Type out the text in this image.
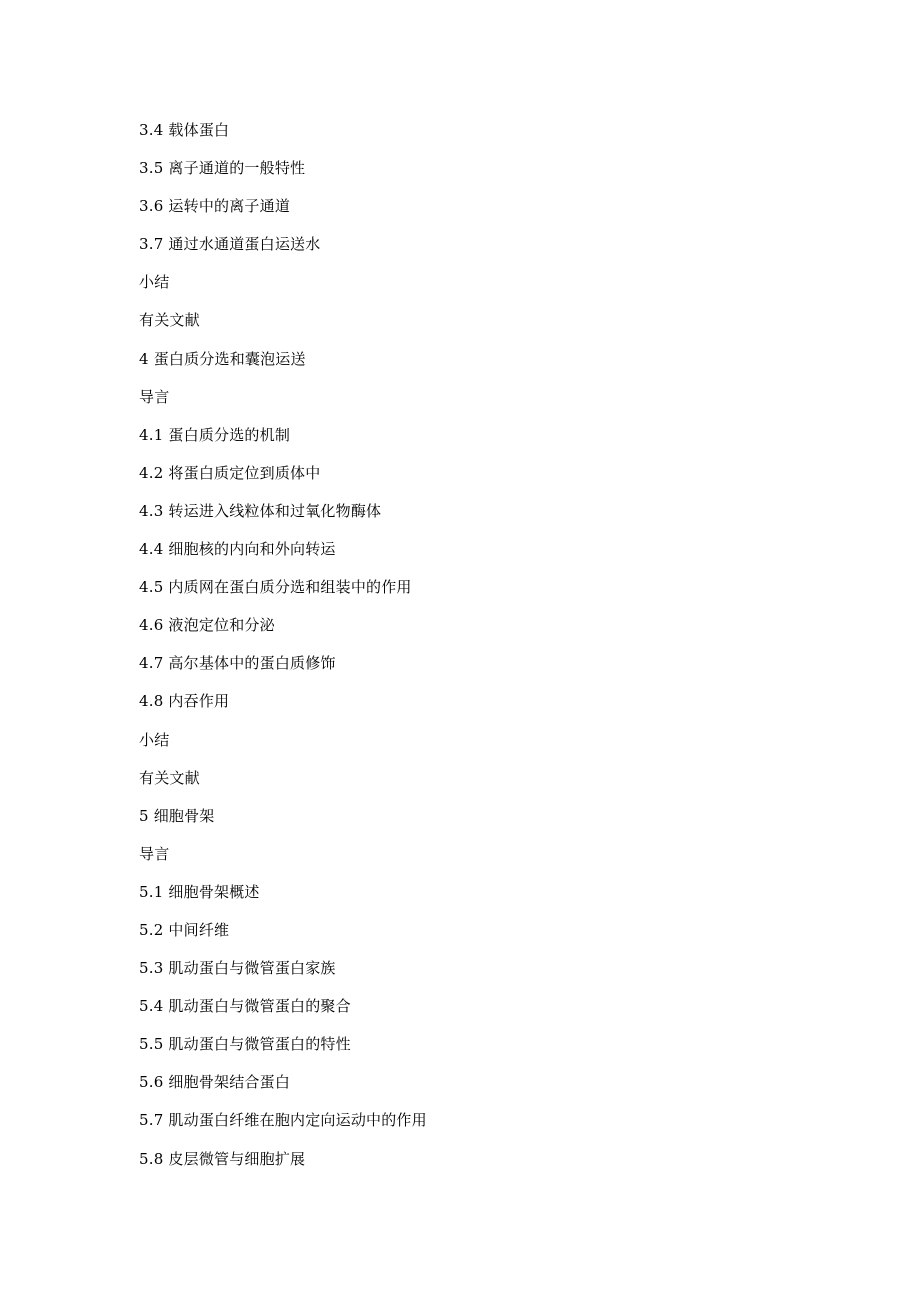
3.4 载体蛋白
3.5 离子通道的一般特性
3.6 运转中的离子通道
3.7 通过水通道蛋白运送水
小结
有关文献
4 蛋白质分选和囊泡运送
导言
4.1 蛋白质分选的机制
4.2 将蛋白质定位到质体中
4.3 转运进入线粒体和过氧化物酶体
4.4 细胞核的内向和外向转运
4.5 内质网在蛋白质分选和组装中的作用
4.6 液泡定位和分泌
4.7 高尔基体中的蛋白质修饰
4.8 内吞作用
小结
有关文献
5 细胞骨架
导言
5.1 细胞骨架概述
5.2 中间纤维
5.3 肌动蛋白与微管蛋白家族
5.4 肌动蛋白与微管蛋白的聚合
5.5 肌动蛋白与微管蛋白的特性
5.6 细胞骨架结合蛋白
5.7 肌动蛋白纤维在胞内定向运动中的作用
5.8 皮层微管与细胞扩展
